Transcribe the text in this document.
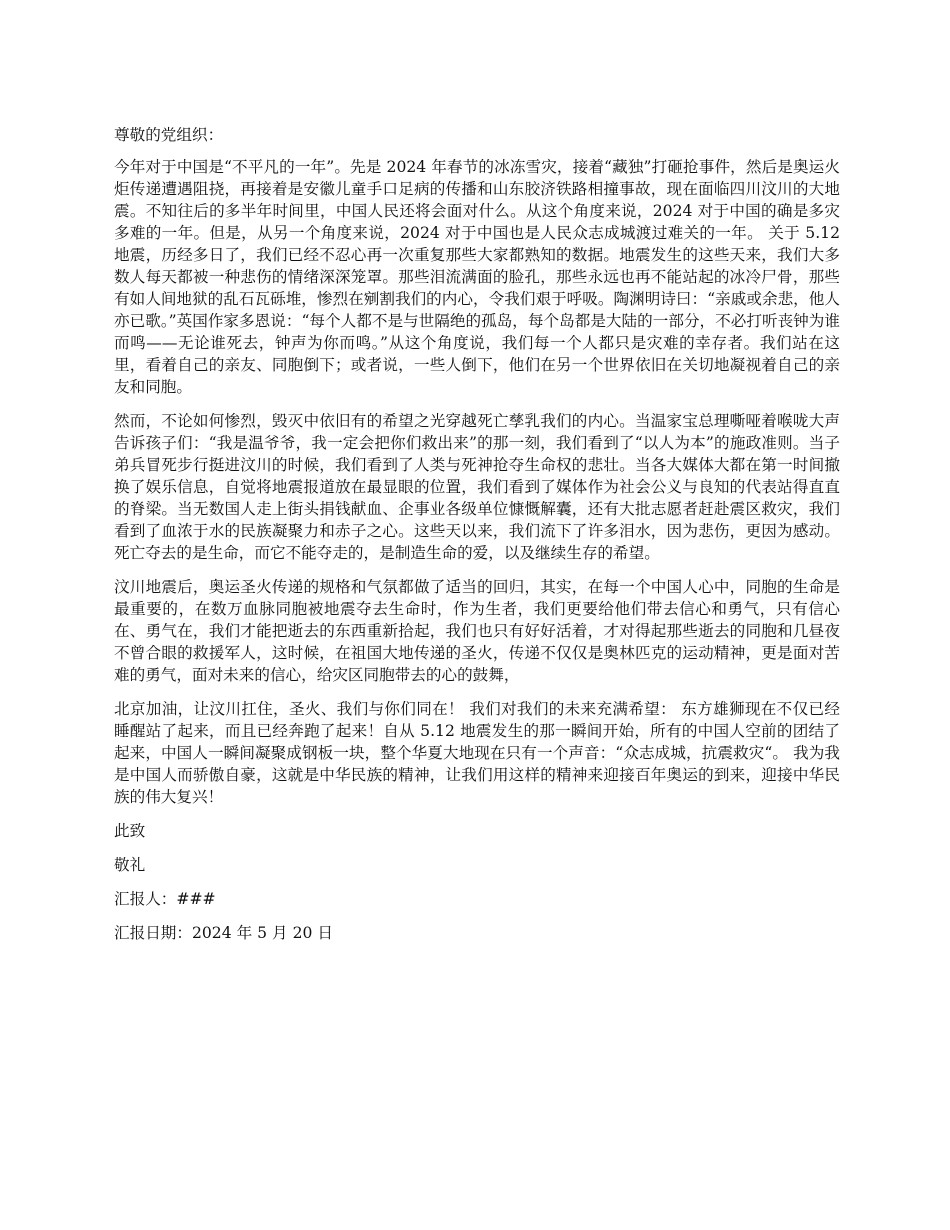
尊敬的党组织：

今年对于中国是“不平凡的一年”。先是 2024 年春节的冰冻雪灾，接着“藏独”打砸抢事件，然后是奥运火炬传递遭遇阻挠，再接着是安徽儿童手口足病的传播和山东胶济铁路相撞事故，现在面临四川汶川的大地震。不知往后的多半年时间里，中国人民还将会面对什么。从这个角度来说，2024 对于中国的确是多灾多难的一年。但是，从另一个角度来说，2024 对于中国也是人民众志成城渡过难关的一年。 关于 5.12 地震，历经多日了，我们已经不忍心再一次重复那些大家都熟知的数据。地震发生的这些天来，我们大多数人每天都被一种悲伤的情绪深深笼罩。那些泪流满面的脸孔，那些永远也再不能站起的冰冷尸骨，那些有如人间地狱的乱石瓦砾堆，惨烈在剜割我们的内心，令我们艰于呼吸。陶渊明诗曰：“亲戚或余悲，他人亦已歌。”英国作家多恩说：“每个人都不是与世隔绝的孤岛，每个岛都是大陆的一部分，不必打听丧钟为谁而鸣——无论谁死去，钟声为你而鸣。”从这个角度说，我们每一个人都只是灾难的幸存者。我们站在这里，看着自己的亲友、同胞倒下；或者说，一些人倒下，他们在另一个世界依旧在关切地凝视着自己的亲友和同胞。

然而，不论如何惨烈，毁灭中依旧有的希望之光穿越死亡孳乳我们的内心。当温家宝总理嘶哑着喉咙大声告诉孩子们：“我是温爷爷，我一定会把你们救出来”的那一刻，我们看到了“以人为本”的施政准则。当子弟兵冒死步行挺进汶川的时候，我们看到了人类与死神抢夺生命权的悲壮。当各大媒体大都在第一时间撤换了娱乐信息，自觉将地震报道放在最显眼的位置，我们看到了媒体作为社会公义与良知的代表站得直直的脊梁。当无数国人走上街头捐钱献血、企事业各级单位慷慨解囊，还有大批志愿者赶赴震区救灾，我们看到了血浓于水的民族凝聚力和赤子之心。这些天以来，我们流下了许多泪水，因为悲伤，更因为感动。死亡夺去的是生命，而它不能夺走的，是制造生命的爱，以及继续生存的希望。

汶川地震后，奥运圣火传递的规格和气氛都做了适当的回归，其实，在每一个中国人心中，同胞的生命是最重要的，在数万血脉同胞被地震夺去生命时，作为生者，我们更要给他们带去信心和勇气，只有信心在、勇气在，我们才能把逝去的东西重新拾起，我们也只有好好活着，才对得起那些逝去的同胞和几昼夜不曾合眼的救援军人，这时候，在祖国大地传递的圣火，传递不仅仅是奥林匹克的运动精神，更是面对苦难的勇气，面对未来的信心，给灾区同胞带去的心的鼓舞，

北京加油，让汶川扛住，圣火、我们与你们同在！ 我们对我们的未来充满希望： 东方雄狮现在不仅已经睡醒站了起来，而且已经奔跑了起来！自从 5.12 地震发生的那一瞬间开始，所有的中国人空前的团结了起来，中国人一瞬间凝聚成钢板一块，整个华夏大地现在只有一个声音：“众志成城，抗震救灾“。 我为我是中国人而骄傲自豪，这就是中华民族的精神，让我们用这样的精神来迎接百年奥运的到来，迎接中华民族的伟大复兴！

此致

敬礼

汇报人：###

汇报日期：2024 年 5 月 20 日
